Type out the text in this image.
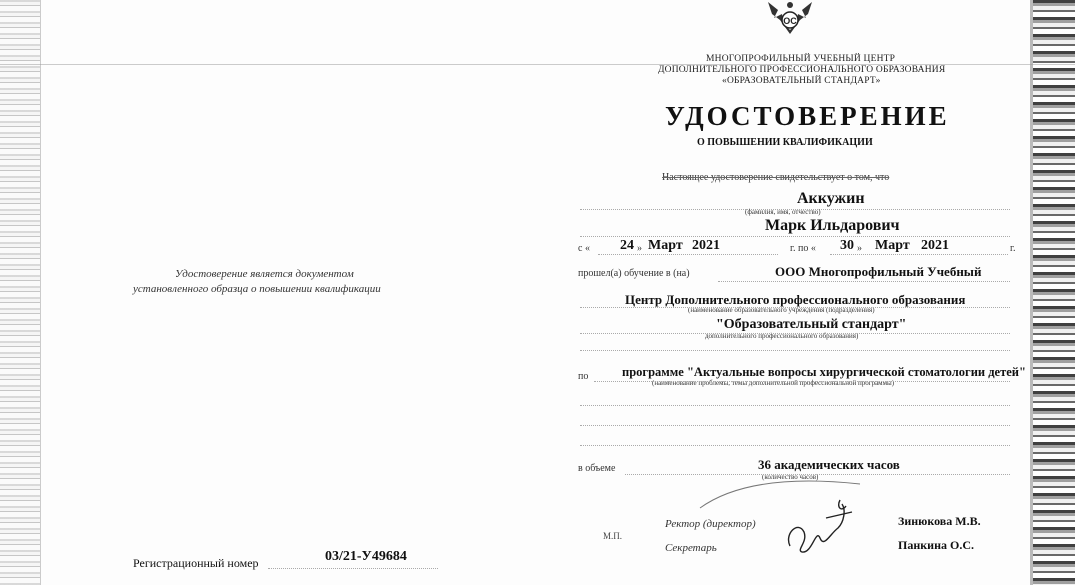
Удостоверение является документом
установленного образца о повышении квалификации
Регистрационный номер	03/21-У49684
ОС
МНОГОПРОФИЛЬНЫЙ УЧЕБНЫЙ ЦЕНТР
ДОПОЛНИТЕЛЬНОГО ПРОФЕССИОНАЛЬНОГО ОБРАЗОВАНИЯ
«ОБРАЗОВАТЕЛЬНЫЙ СТАНДАРТ»
УДОСТОВЕРЕНИЕ
О ПОВЫШЕНИИ КВАЛИФИКАЦИИ
Настоящее удостоверение свидетельствует о том, что
Аккужин
(фамилия, имя, отчество)
Марк Ильдарович
с « 24 » Март 2021	г. по « 30 » Март 2021	г.
прошел(а) обучение в (на)	ООО Многопрофильный Учебный
Центр Дополнительного профессионального образования
(наименование образовательного учреждения (подразделения)
"Образовательный стандарт"
дополнительного профессионального образования)
по	программе "Актуальные вопросы хирургической стоматологии детей"
(наименование проблемы, темы дополнительной профессиональной программы)
в объеме	36 академических часов
(количество часов)
М.П.
Ректор (директор)	Зинюкова М.В.
Секретарь	Панкина О.С.
